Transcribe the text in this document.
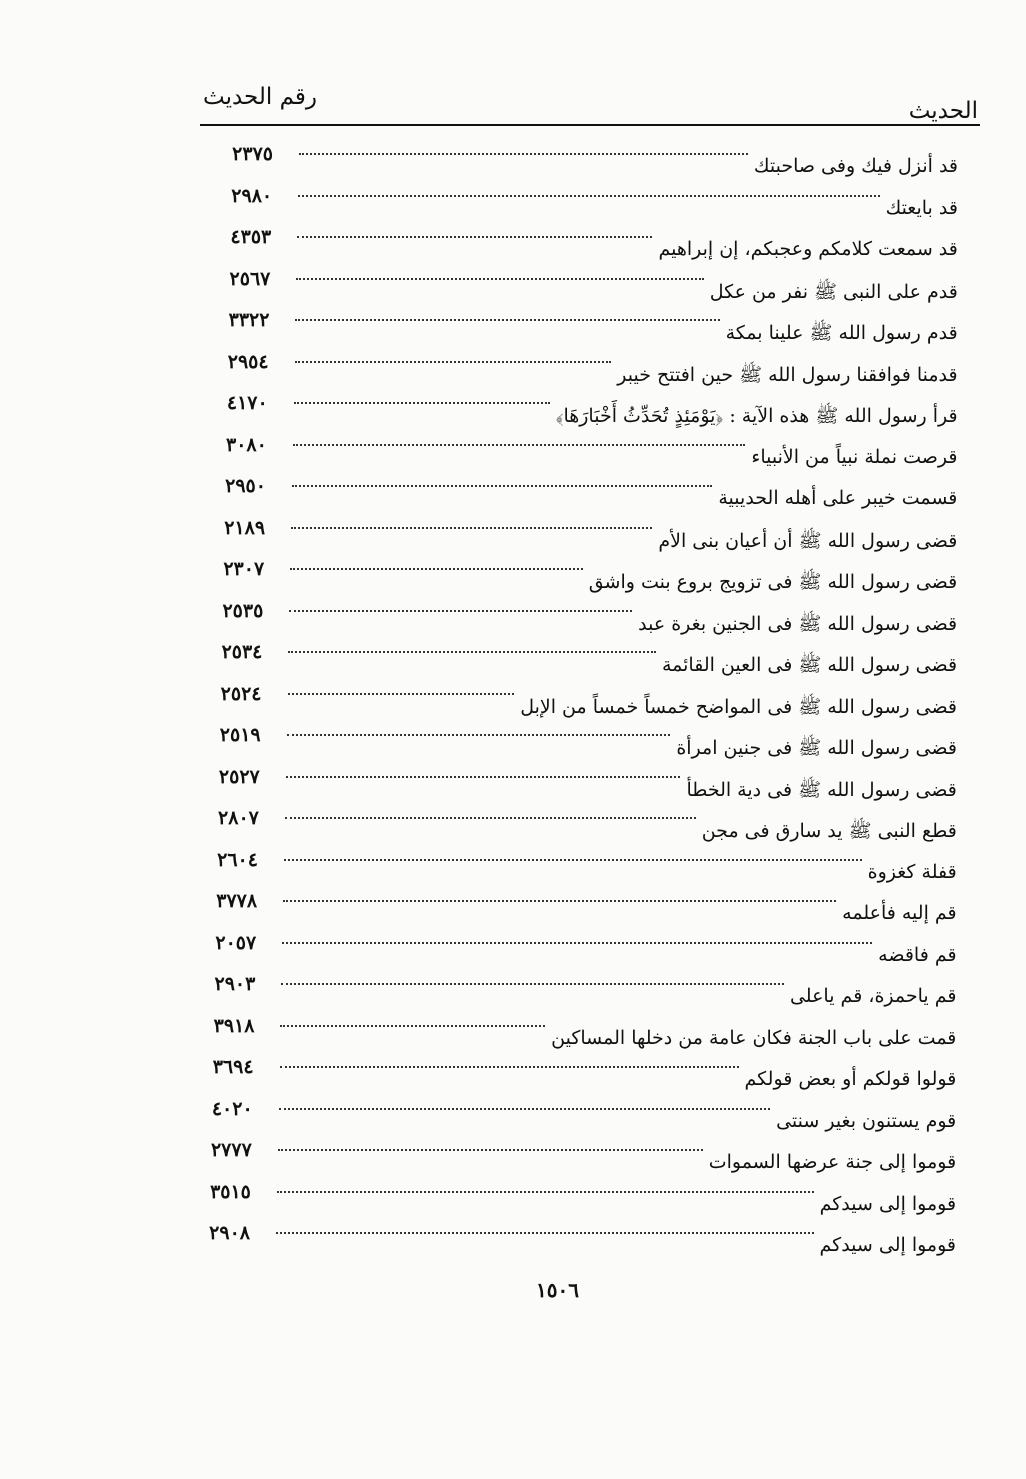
رقم الحديث
الحديث
٢٣٧٥
قد أنزل فيك وفى صاحبتك
٢٩٨٠
قد بايعتك
٤٣٥٣
قد سمعت كلامكم وعجبكم، إن إبراهيم
٢٥٦٧
قدم على النبى ﷺ نفر من عكل
٣٣٢٢
قدم رسول الله ﷺ علينا بمكة
٢٩٥٤
قدمنا فوافقنا رسول الله ﷺ حين افتتح خيبر
٤١٧٠
قرأ رسول الله ﷺ هذه الآية : ﴿يَوْمَئِذٍ تُحَدِّثُ أَخْبَارَهَا﴾
٣٠٨٠
قرصت نملة نبياً من الأنبياء
٢٩٥٠
قسمت خيبر على أهله الحديبية
٢١٨٩
قضى رسول الله ﷺ أن أعيان بنى الأم
٢٣٠٧
قضى رسول الله ﷺ فى تزويج بروع بنت واشق
٢٥٣٥
قضى رسول الله ﷺ فى الجنين بغرة عبد
٢٥٣٤
قضى رسول الله ﷺ فى العين القائمة
٢٥٢٤
قضى رسول الله ﷺ فى المواضح خمساً خمساً من الإبل
٢٥١٩
قضى رسول الله ﷺ فى جنين امرأة
٢٥٢٧
قضى رسول الله ﷺ فى دية الخطأ
٢٨٠٧
قطع النبى ﷺ يد سارق فى مجن
٢٦٠٤
قفلة كغزوة
٣٧٧٨
قم إليه فأعلمه
٢٠٥٧
قم فاقضه
٢٩٠٣
قم ياحمزة، قم ياعلى
٣٩١٨
قمت على باب الجنة فكان عامة من دخلها المساكين
٣٦٩٤
قولوا قولكم أو بعض قولكم
٤٠٢٠
قوم يستنون بغير سنتى
٢٧٧٧
قوموا إلى جنة عرضها السموات
٣٥١٥
قوموا إلى سيدكم
٢٩٠٨
قوموا إلى سيدكم
١٥٠٦
